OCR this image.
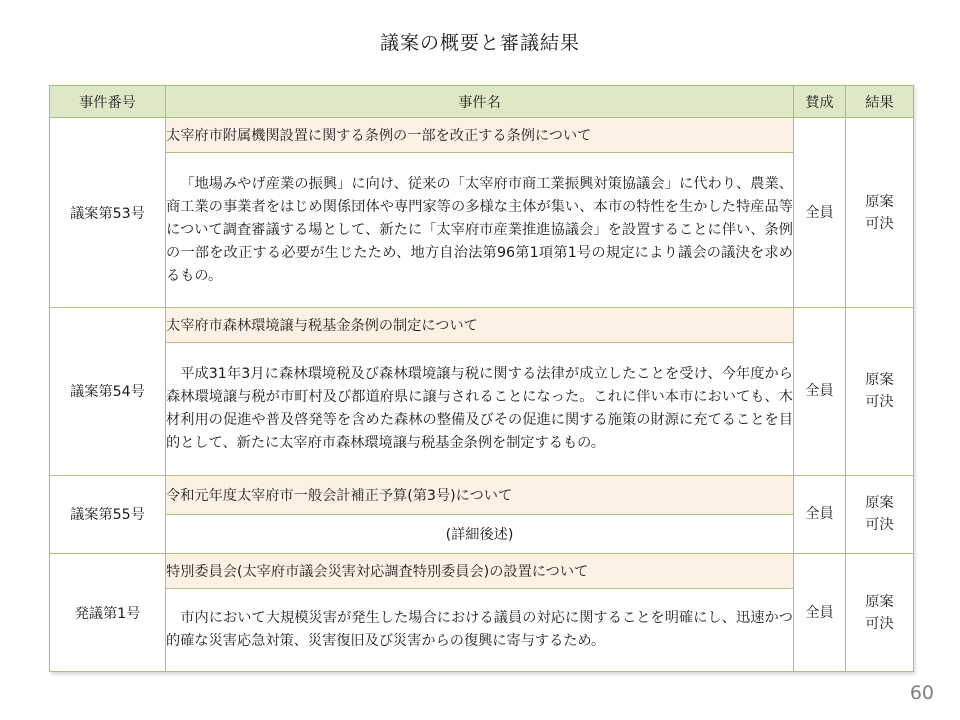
議案の概要と審議結果
事件番号	事件名	賛成	結果
議案第53号	太宰府市附属機関設置に関する条例の一部を改正する条例について	全員	原案
可決

	「地場みやげ産業の振興」に向け、従来の「太宰府市商工業振興対策協議会」に代わり、農業、商工業の事業者をはじめ関係団体や専門家等の多様な主体が集い、本市の特性を生かした特産品等について調査審議する場として、新たに「太宰府市産業推進協議会」を設置することに伴い、条例の一部を改正する必要が生じたため、地方自治法第96第1項第1号の規定により議会の議決を求めるもの。		
議案第54号	太宰府市森林環境譲与税基金条例の制定について	全員	原案
可決

	平成31年3月に森林環境税及び森林環境譲与税に関する法律が成立したことを受け、今年度から森林環境譲与税が市町村及び都道府県に譲与されることになった。これに伴い本市においても、木材利用の促進や普及啓発等を含めた森林の整備及びその促進に関する施策の財源に充てることを目的として、新たに太宰府市森林環境譲与税基金条例を制定するもの。		
議案第55号	令和元年度太宰府市一般会計補正予算(第3号)について	全員	原案
可決

	(詳細後述)		
発議第1号	特別委員会(太宰府市議会災害対応調査特別委員会)の設置について	全員	原案
可決

	市内において大規模災害が発生した場合における議員の対応に関することを明確にし、迅速かつ的確な災害応急対策、災害復旧及び災害からの復興に寄与するため。		
60
